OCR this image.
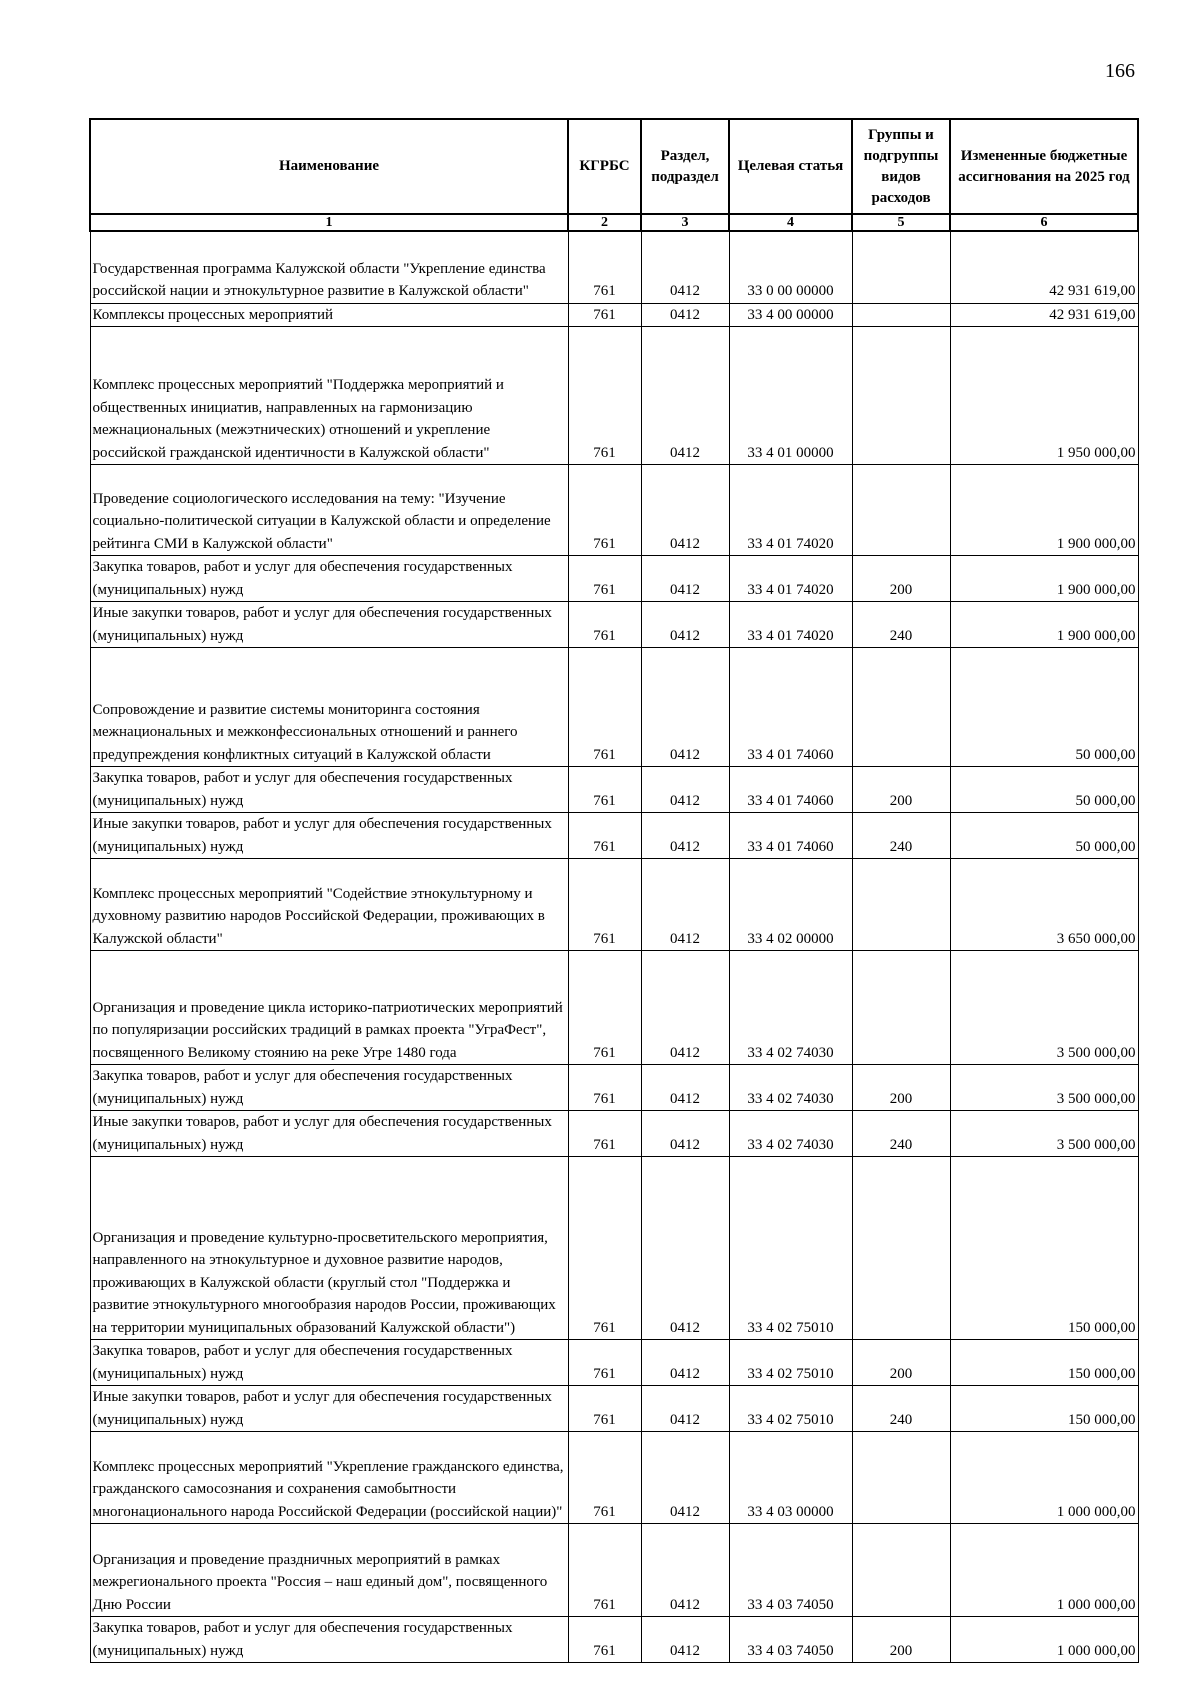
166
Наименование	КГРБС	Раздел, подраздел	Целевая статья	Группы и подгруппы видов расходов	Измененные бюджетные ассигнования на 2025 год
1	2	3	4	5	6
Государственная программа Калужской области "Укрепление единства российской нации и этнокультурное развитие в Калужской области"	761	0412	33 0 00 00000		42 931 619,00
Комплексы процессных мероприятий	761	0412	33 4 00 00000		42 931 619,00
Комплекс процессных мероприятий "Поддержка мероприятий и общественных инициатив, направленных на гармонизацию межнациональных (межэтнических) отношений и укрепление российской гражданской идентичности в Калужской области"	761	0412	33 4 01 00000		1 950 000,00
Проведение социологического исследования на тему: "Изучение социально-политической ситуации в Калужской области и определение рейтинга СМИ в Калужской области"	761	0412	33 4 01 74020		1 900 000,00
Закупка товаров, работ и услуг для обеспечения государственных (муниципальных) нужд	761	0412	33 4 01 74020	200	1 900 000,00
Иные закупки товаров, работ и услуг для обеспечения государственных (муниципальных) нужд	761	0412	33 4 01 74020	240	1 900 000,00
Сопровождение и развитие системы мониторинга состояния межнациональных и межконфессиональных отношений и раннего предупреждения конфликтных ситуаций в Калужской области	761	0412	33 4 01 74060		50 000,00
Закупка товаров, работ и услуг для обеспечения государственных (муниципальных) нужд	761	0412	33 4 01 74060	200	50 000,00
Иные закупки товаров, работ и услуг для обеспечения государственных (муниципальных) нужд	761	0412	33 4 01 74060	240	50 000,00
Комплекс процессных мероприятий "Содействие этнокультурному и духовному развитию народов Российской Федерации, проживающих в Калужской области"	761	0412	33 4 02 00000		3 650 000,00
Организация и проведение цикла историко-патриотических мероприятий по популяризации российских традиций в рамках проекта "УграФест", посвященного Великому стоянию на реке Угре 1480 года	761	0412	33 4 02 74030		3 500 000,00
Закупка товаров, работ и услуг для обеспечения государственных (муниципальных) нужд	761	0412	33 4 02 74030	200	3 500 000,00
Иные закупки товаров, работ и услуг для обеспечения государственных (муниципальных) нужд	761	0412	33 4 02 74030	240	3 500 000,00
Организация и проведение культурно-просветительского мероприятия, направленного на этнокультурное и духовное развитие народов, проживающих в Калужской области (круглый стол "Поддержка и развитие этнокультурного многообразия народов России, проживающих на территории муниципальных образований Калужской области")	761	0412	33 4 02 75010		150 000,00
Закупка товаров, работ и услуг для обеспечения государственных (муниципальных) нужд	761	0412	33 4 02 75010	200	150 000,00
Иные закупки товаров, работ и услуг для обеспечения государственных (муниципальных) нужд	761	0412	33 4 02 75010	240	150 000,00
Комплекс процессных мероприятий "Укрепление гражданского единства, гражданского самосознания и сохранения самобытности многонационального народа Российской Федерации (российской нации)"	761	0412	33 4 03 00000		1 000 000,00
Организация и проведение праздничных мероприятий в рамках межрегионального проекта "Россия – наш единый дом", посвященного Дню России	761	0412	33 4 03 74050		1 000 000,00
Закупка товаров, работ и услуг для обеспечения государственных (муниципальных) нужд	761	0412	33 4 03 74050	200	1 000 000,00
